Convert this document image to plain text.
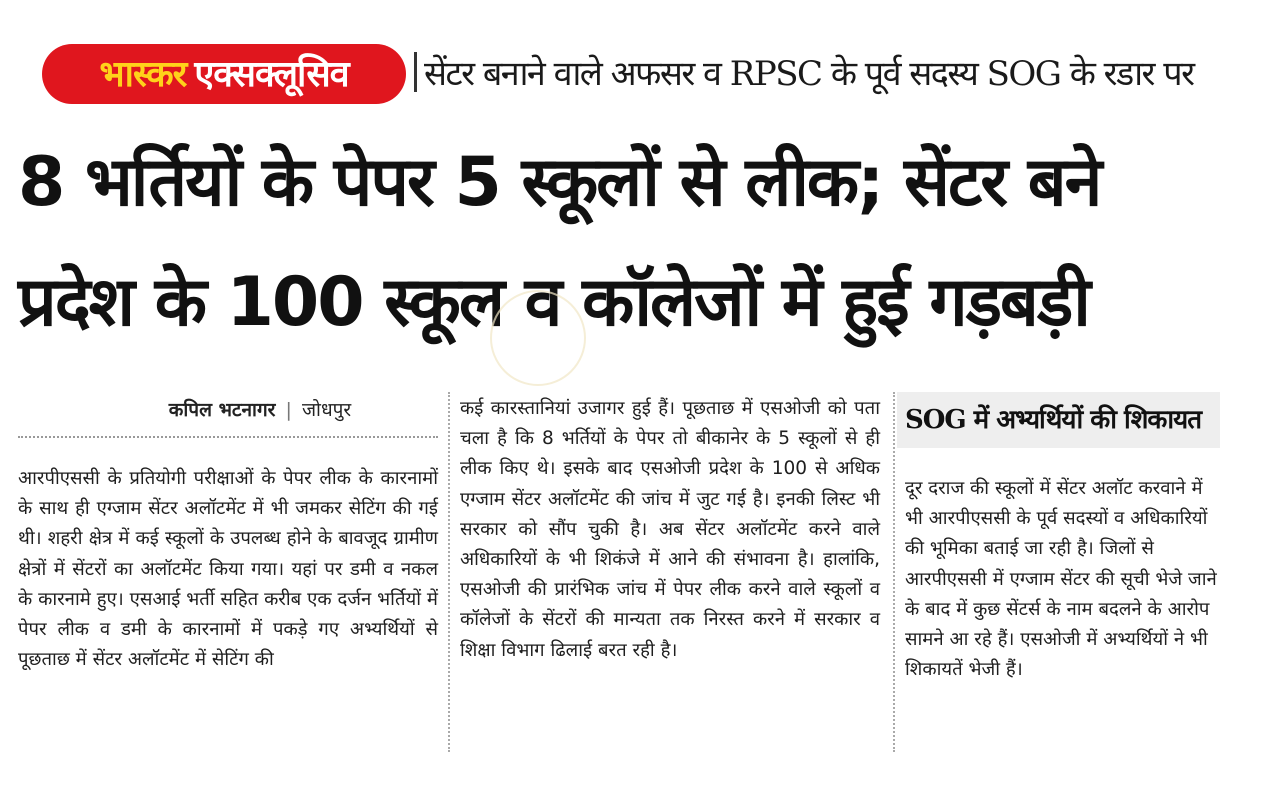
भास्कर एक्सक्लूसिव सेंटर बनाने वाले अफसर व RPSC के पूर्व सदस्य SOG के रडार पर
8 भर्तियों के पेपर 5 स्कूलों से लीक; सेंटर बने
प्रदेश के 100 स्कूल व कॉलेजों में हुई गड़बड़ी
कपिल भटनागर | जोधपुर
आरपीएससी के प्रतियोगी परीक्षाओं के पेपर लीक के कारनामों के साथ ही एग्जाम सेंटर अलॉटमेंट में भी जमकर सेटिंग की गई थी। शहरी क्षेत्र में कई स्कूलों के उपलब्ध होने के बावजूद ग्रामीण क्षेत्रों में सेंटरों का अलॉटमेंट किया गया। यहां पर डमी व नकल के कारनामे हुए। एसआई भर्ती सहित करीब एक दर्जन भर्तियों में पेपर लीक व डमी के कारनामों में पकड़े गए अभ्यर्थियों से पूछताछ में सेंटर अलॉटमेंट में सेटिंग की
कई कारस्तानियां उजागर हुई हैं। पूछताछ में एसओजी को पता चला है कि 8 भर्तियों के पेपर तो बीकानेर के 5 स्कूलों से ही लीक किए थे। इसके बाद एसओजी प्रदेश के 100 से अधिक एग्जाम सेंटर अलॉटमेंट की जांच में जुट गई है। इनकी लिस्ट भी सरकार को सौंप चुकी है। अब सेंटर अलॉटमेंट करने वाले अधिकारियों के भी शिकंजे में आने की संभावना है। हालांकि, एसओजी की प्रारंभिक जांच में पेपर लीक करने वाले स्कूलों व कॉलेजों के सेंटरों की मान्यता तक निरस्त करने में सरकार व शिक्षा विभाग ढिलाई बरत रही है।
SOG में अभ्यर्थियों की शिकायत
दूर दराज की स्कूलों में सेंटर अलॉट करवाने में भी आरपीएससी के पूर्व सदस्यों व अधिकारियों की भूमिका बताई जा रही है। जिलों से आरपीएससी में एग्जाम सेंटर की सूची भेजे जाने के बाद में कुछ सेंटर्स के नाम बदलने के आरोप सामने आ रहे हैं। एसओजी में अभ्यर्थियों ने भी शिकायतें भेजी हैं।
